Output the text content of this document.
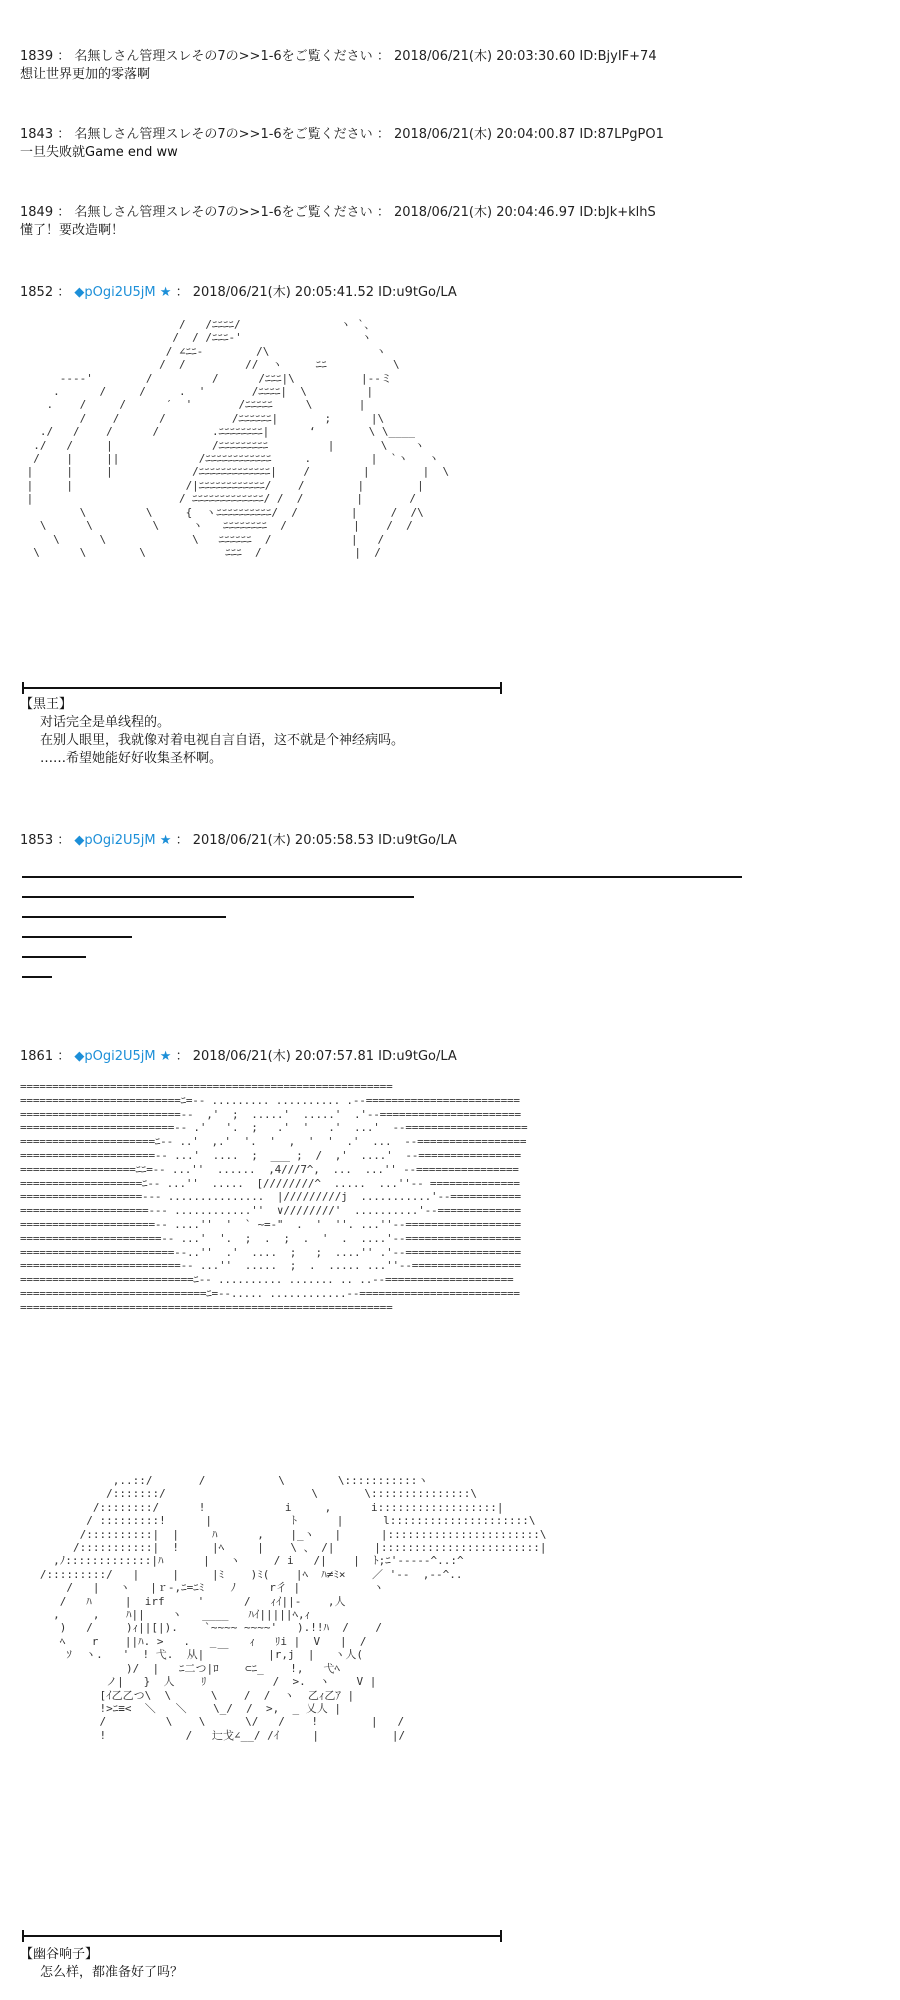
1839 ： 名無しさん管理スレその7の>>1-6をご覧ください ： 2018/06/21(木) 20:03:30.60 ID:BjyIF+74
想让世界更加的零落啊
1843 ： 名無しさん管理スレその7の>>1-6をご覧ください ： 2018/06/21(木) 20:04:00.87 ID:87LPgPO1
一旦失败就Game end ww
1849 ： 名無しさん管理スレその7の>>1-6をご覧ください ： 2018/06/21(木) 20:04:46.97 ID:bJk+klhS
懂了！要改造啊！
1852 ： ◆pOgi2U5jM ★ ： 2018/06/21(木) 20:05:41.52 ID:u9tGo/LA
/   /ﾆﾆﾆﾆ/               ヽ `、
/  / /ﾆﾆﾆ-'                  ヽ
/ ∠ﾆﾆ-        /\                ヽ
/  /         //  ヽ     ﾆﾆ          \
---‐'        /         /      /ﾆﾆﾆ|\          |--ミ
.      /     /     .  '       /ﾆﾆﾆﾆ|  \         |
.    /     /      ′  '       /ﾆﾆﾆﾆﾆ     \       |
/    /      /          /ﾆﾆﾆﾆﾆﾆ|       ;      |\
./   /    /      /        .ﾆﾆﾆﾆﾆﾆﾆﾆ|      ‘        \ \____
./   /     |               /ﾆﾆﾆﾆﾆﾆﾆﾆﾆ         |       \    ヽ
/    |     ||            /ﾆﾆﾆﾆﾆﾆﾆﾆﾆﾆﾆﾆ     .         |  `ヽ   ヽ
|     |     |            /ﾆﾆﾆﾆﾆﾆﾆﾆﾆﾆﾆﾆﾆ|    /        |        |  \
|     |                 /|ﾆﾆﾆﾆﾆﾆﾆﾆﾆﾆﾆﾆ/    /        |        |
|                      / ﾆﾆﾆﾆﾆﾆﾆﾆﾆﾆﾆﾆﾆ/ /  /        |       /
\         \     {  ヽﾆﾆﾆﾆﾆﾆﾆﾆﾆﾆ/  /        |     /  /\
\      \         \     ヽ   ﾆﾆﾆﾆﾆﾆﾆﾆ  /          |    /  /
\      \             \   ﾆﾆﾆﾆﾆﾆ  /            |   /
\      \        \            ﾆﾆﾆ  /              |  /
【黒王】
对话完全是单线程的。
在别人眼里，我就像对着电视自言自语，这不就是个神经病吗。
……希望她能好好收集圣杯啊。
1853 ： ◆pOgi2U5jM ★ ： 2018/06/21(木) 20:05:58.53 ID:u9tGo/LA
1861 ： ◆pOgi2U5jM ★ ： 2018/06/21(木) 20:07:57.81 ID:u9tGo/LA
==========================================================
=========================ﾆ=-- ......... .......... .--========================
=========================--  ,'  ;  .....'  .....'  .'--======================
========================-- .'   '.  ;   .'  '   .'  ...'  --===================
=====================ﾆ-- ..'  ,.'  '.  '  ,  '  '  .'  ...  --=================
=====================-- ...'  ....  ;  ___ ;  /  ,'  ....'  --================
==================ﾆﾆ=-- ...''  ......  ,4///7^,  ...  ...'' --================
===================ﾆ-- ...''  .....  [////////^  .....  ...''-- ==============
===================--- ...............  |/////////j  ...........'--===========
====================--- ............''  ∨////////'  ..........'--=============
=====================-- ....''  '  ` ~=-"  .  '  ''. ...''--==================
======================-- ...'  '.  ;  .  ;  .  '  .  ....'--==================
========================--..''  .'  ....  ;   ;  ....'' .'--==================
=========================-- ...''  .....  ;  .  ..... ...''--=================
===========================ﾆ-- .......... ....... .. ..--====================
=============================ﾆ=--..... ............--=========================
==========================================================
,..::/       /           \        \:::::::::::ヽ
/:::::::/                      \       \:::::::::::::::\
/::::::::/      !            i     ,      i::::::::::::::::::|
/ :::::::::!      |            ﾄ      |      l:::::::::::::::::::::\
/::::::::::|  |     ﾊ      ,    |_ヽ   |      |:::::::::::::::::::::::\
/:::::::::::|  !     |ﾍ     |    \ 、 /|      |::::::::::::::::::::::::|
,ﾉ:::::::::::::|ﾊ      |   ヽ     / i   /|    |  ﾄ;ﾆ'-‐-‐-^..:^
/:::::::::/   |     |     |ﾐ    )ﾐ(    |ﾍ  ﾊ≠ﾐ×    ／ '-‐  ,-‐^..
/   |   ヽ   |ｒ-,ﾆ=ﾆﾐ    ﾉ     r彳 |           ヽ
/   ﾊ     |  irf     '      /   ｨｲ||‐    ,人
,     ,    ﾊ||    ヽ   ____   ﾊｲ|||||ﾍ,ｨ
)   /     )ｨ||[|).    `~~~~ ~~~~'   ).!!ﾊ  /    /
ﾍ    r    ||ﾊ. >   .   _     ｨ   ﾘi |  V   |  /
ｿ  ヽ.   '  ! 弋.  从|  ￣      |r,j  |   ヽ人(
)/  |   ﾆ二つ|ﾛ    ⊂ﾆ_    !,   弋ﾍ
ノ|   }  人    ﾘ          /  >.  ヽ    V |
[ｲ乙乙つ\  \      \    /  /  ヽ  乙ｨ乙ｱ |
!>ﾆ≡<  ＼   ＼    \_/  /  >,  _ 乂人 |
/         \    \      \/   /    !        |   /
!            /   辷戈∠__/ /ｲ     |           |/
【幽谷响子】
怎么样，都准备好了吗？
